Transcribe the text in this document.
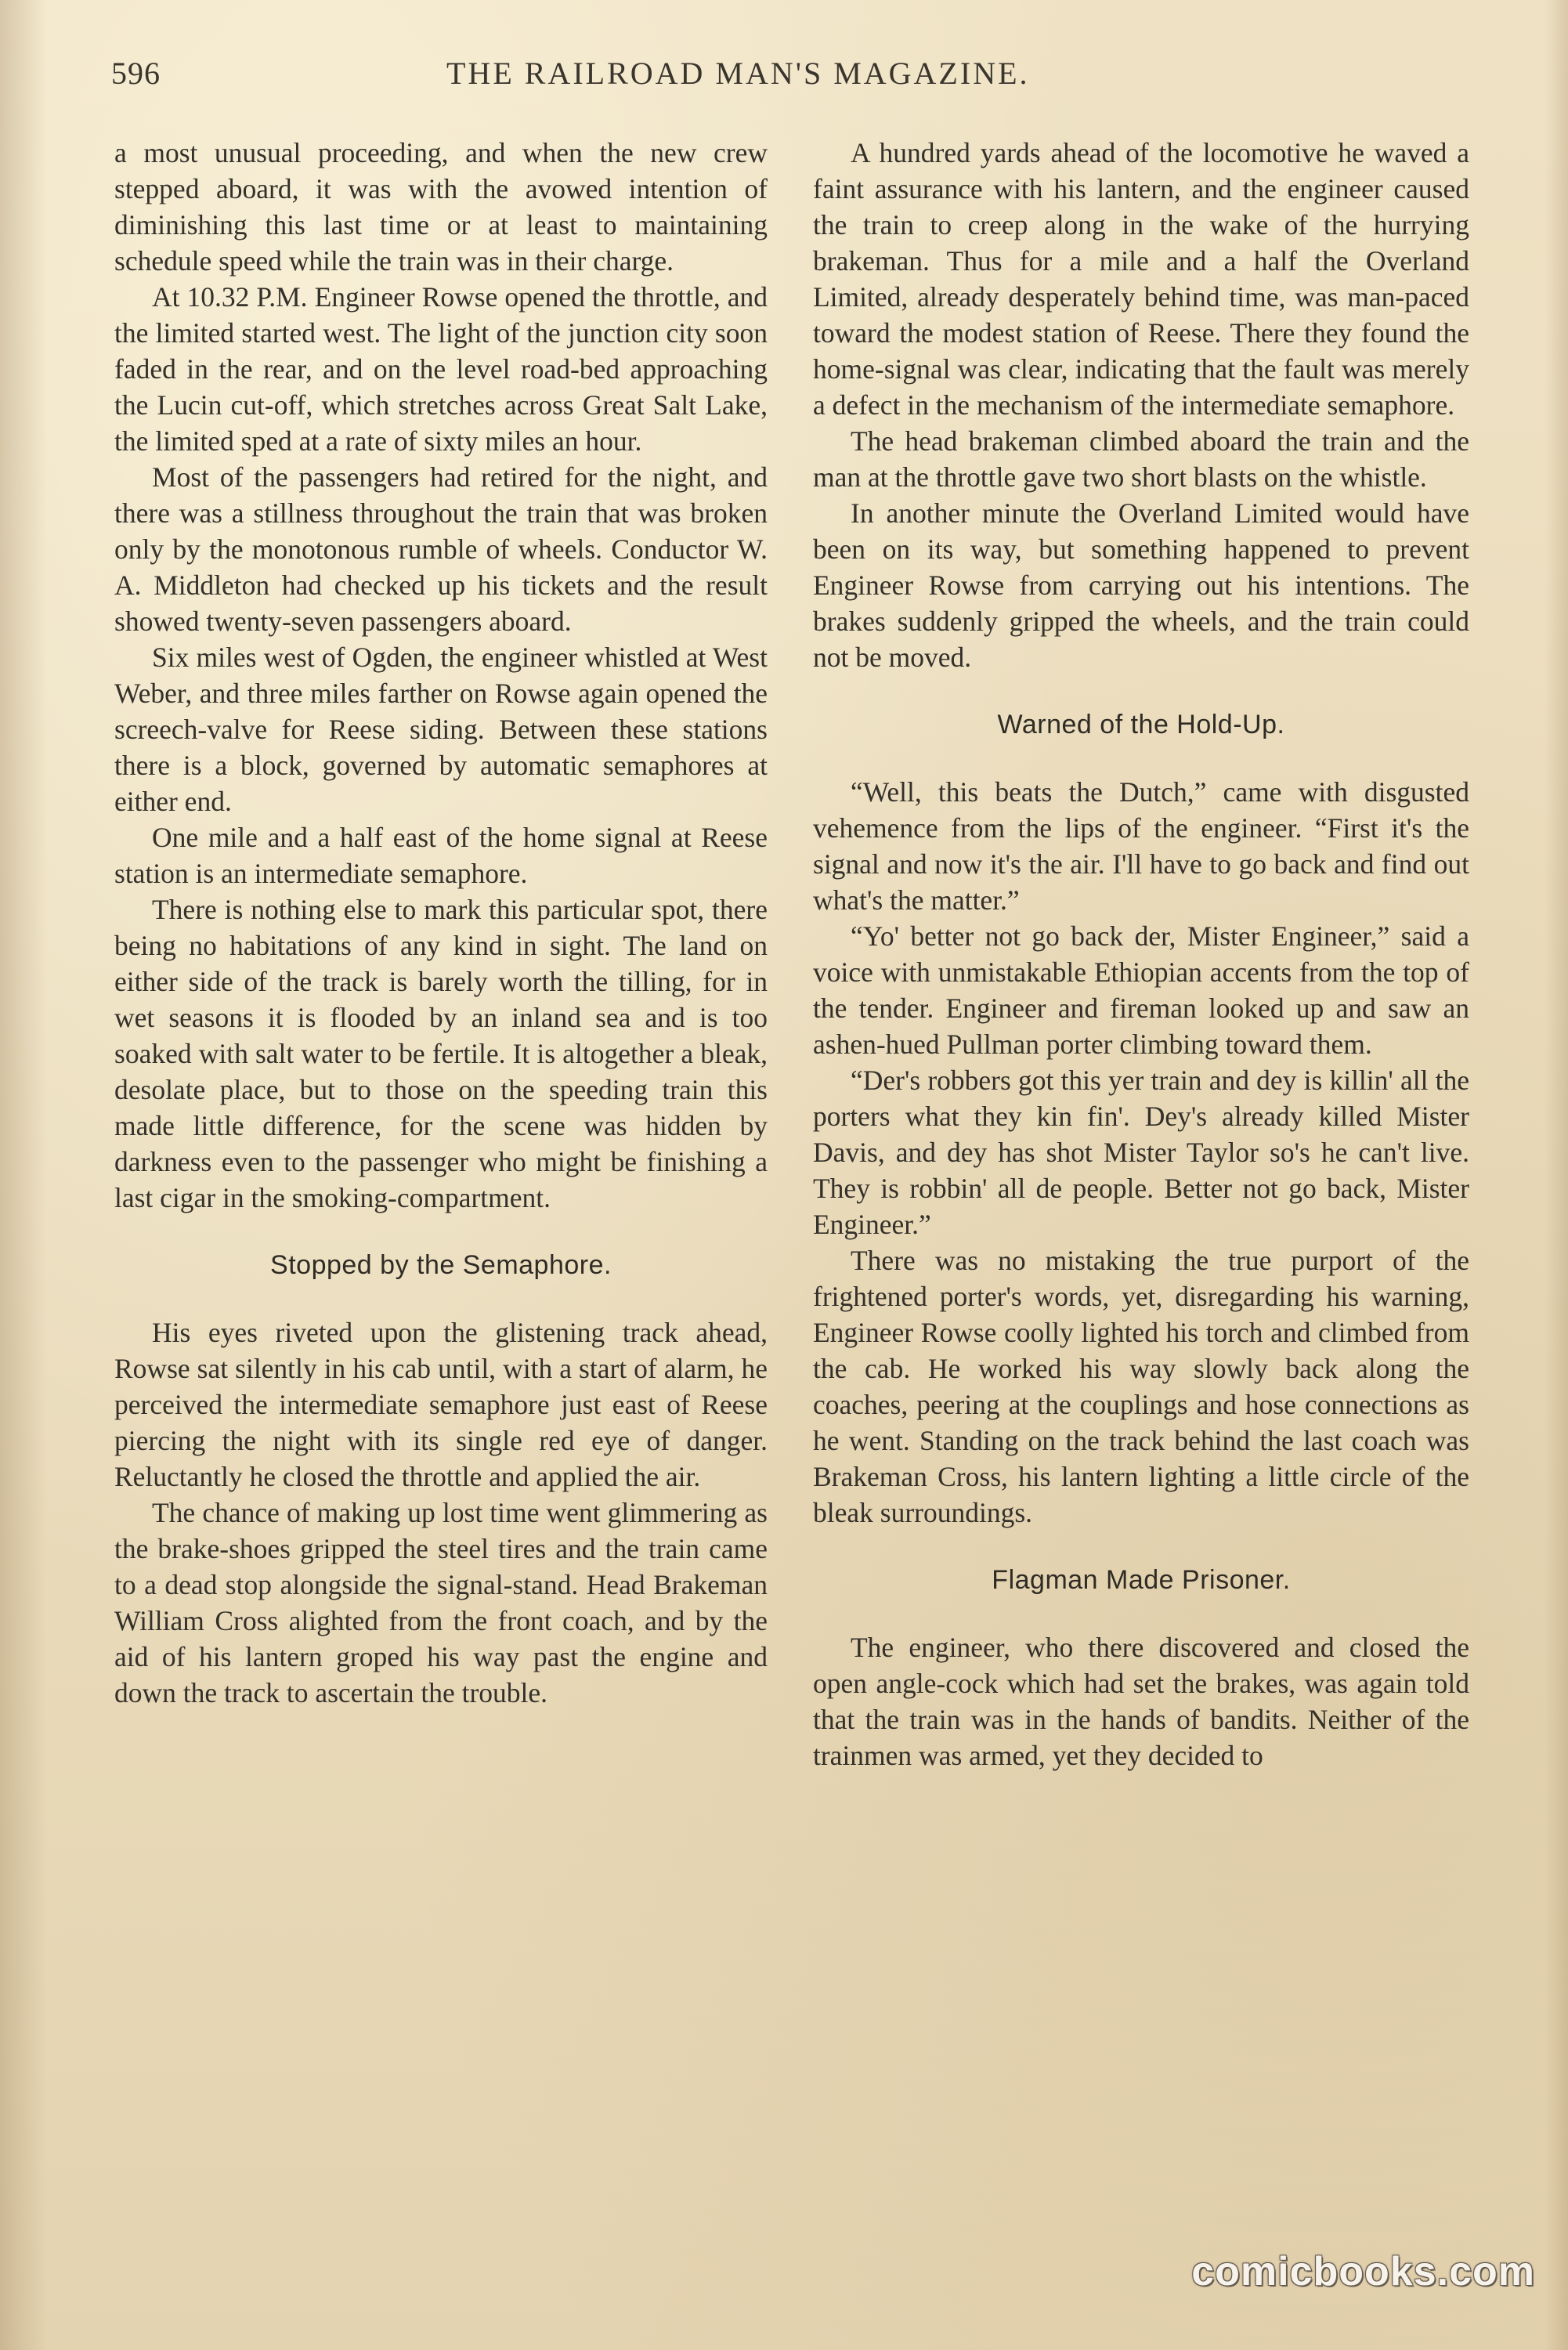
596	THE RAILROAD MAN'S MAGAZINE.

a most unusual proceeding, and when the new crew stepped aboard, it was with the avowed intention of diminishing this last time or at least to maintaining schedule speed while the train was in their charge.

At 10.32 P.M. Engineer Rowse opened the throttle, and the limited started west. The light of the junction city soon faded in the rear, and on the level road-bed approaching the Lucin cut-off, which stretches across Great Salt Lake, the limited sped at a rate of sixty miles an hour.

Most of the passengers had retired for the night, and there was a stillness throughout the train that was broken only by the monotonous rumble of wheels. Conductor W. A. Middleton had checked up his tickets and the result showed twenty-seven passengers aboard.

Six miles west of Ogden, the engineer whistled at West Weber, and three miles farther on Rowse again opened the screech-valve for Reese siding. Between these stations there is a block, governed by automatic semaphores at either end.

One mile and a half east of the home signal at Reese station is an intermediate semaphore.

There is nothing else to mark this particular spot, there being no habitations of any kind in sight. The land on either side of the track is barely worth the tilling, for in wet seasons it is flooded by an inland sea and is too soaked with salt water to be fertile. It is altogether a bleak, desolate place, but to those on the speeding train this made little difference, for the scene was hidden by darkness even to the passenger who might be finishing a last cigar in the smoking-compartment.

Stopped by the Semaphore.

His eyes riveted upon the glistening track ahead, Rowse sat silently in his cab until, with a start of alarm, he perceived the intermediate semaphore just east of Reese piercing the night with its single red eye of danger. Reluctantly he closed the throttle and applied the air.

The chance of making up lost time went glimmering as the brake-shoes gripped the steel tires and the train came to a dead stop alongside the signal-stand. Head Brakeman William Cross alighted from the front coach, and by the aid of his lantern groped his way past the engine and down the track to ascertain the trouble.

A hundred yards ahead of the locomotive he waved a faint assurance with his lantern, and the engineer caused the train to creep along in the wake of the hurrying brakeman. Thus for a mile and a half the Overland Limited, already desperately behind time, was man-paced toward the modest station of Reese. There they found the home-signal was clear, indicating that the fault was merely a defect in the mechanism of the intermediate semaphore.

The head brakeman climbed aboard the train and the man at the throttle gave two short blasts on the whistle.

In another minute the Overland Limited would have been on its way, but something happened to prevent Engineer Rowse from carrying out his intentions. The brakes suddenly gripped the wheels, and the train could not be moved.

Warned of the Hold-Up.

“Well, this beats the Dutch,” came with disgusted vehemence from the lips of the engineer. “First it's the signal and now it's the air. I'll have to go back and find out what's the matter.”

“Yo' better not go back der, Mister Engineer,” said a voice with unmistakable Ethiopian accents from the top of the tender. Engineer and fireman looked up and saw an ashen-hued Pullman porter climbing toward them.

“Der's robbers got this yer train and dey is killin' all the porters what they kin fin'. Dey's already killed Mister Davis, and dey has shot Mister Taylor so's he can't live. They is robbin' all de people. Better not go back, Mister Engineer.”

There was no mistaking the true purport of the frightened porter's words, yet, disregarding his warning, Engineer Rowse coolly lighted his torch and climbed from the cab. He worked his way slowly back along the coaches, peering at the couplings and hose connections as he went. Standing on the track behind the last coach was Brakeman Cross, his lantern lighting a little circle of the bleak surroundings.

Flagman Made Prisoner.

The engineer, who there discovered and closed the open angle-cock which had set the brakes, was again told that the train was in the hands of bandits. Neither of the trainmen was armed, yet they decided to

comicbooks.com
